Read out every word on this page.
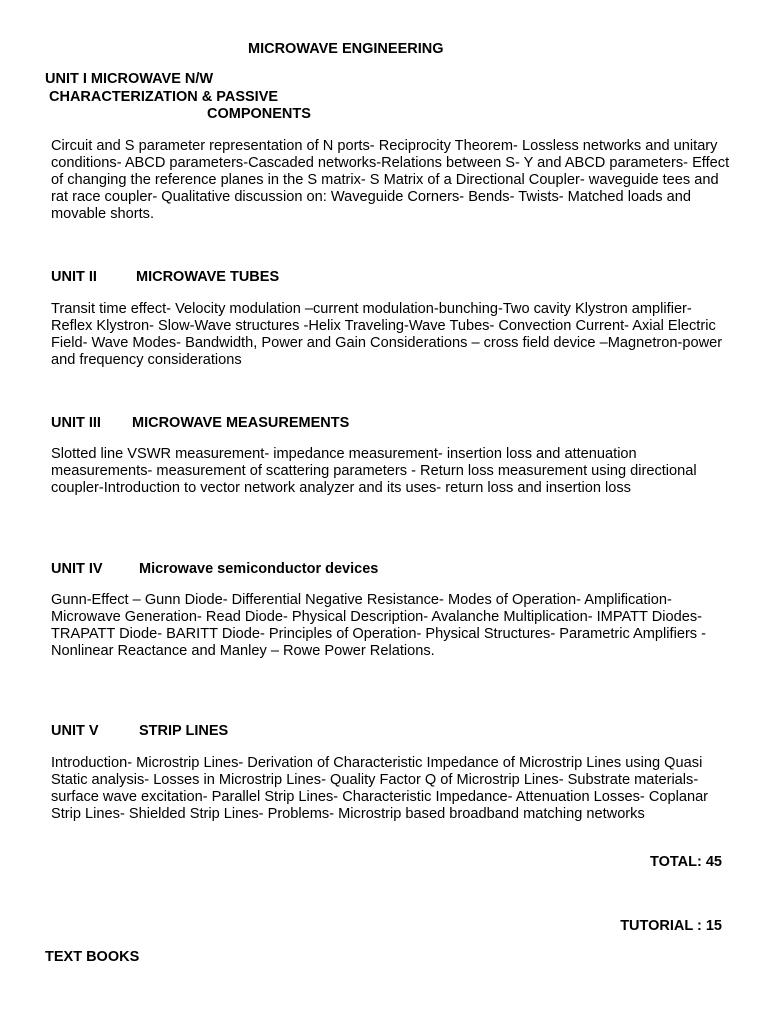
MICROWAVE ENGINEERING
UNIT I MICROWAVE N/W
CHARACTERIZATION & PASSIVE
COMPONENTS
Circuit and S parameter representation of N ports- Reciprocity Theorem- Lossless networks and unitary conditions- ABCD parameters-Cascaded networks-Relations between S- Y and ABCD parameters- Effect of changing the reference planes in the S matrix- S Matrix of a Directional Coupler- waveguide tees and rat race coupler- Qualitative discussion on: Waveguide Corners- Bends- Twists- Matched loads and movable shorts.
UNIT II	MICROWAVE TUBES
Transit time effect- Velocity modulation –current modulation-bunching-Two cavity Klystron amplifier- Reflex Klystron- Slow-Wave structures -Helix Traveling-Wave Tubes- Convection Current- Axial Electric Field- Wave Modes- Bandwidth, Power and Gain Considerations – cross field device –Magnetron-power and frequency considerations
UNIT III MICROWAVE MEASUREMENTS
Slotted line VSWR measurement- impedance measurement- insertion loss and attenuation measurements- measurement of scattering parameters - Return loss measurement using directional coupler-Introduction to vector network analyzer and its uses- return loss and insertion loss
UNIT IV	Microwave semiconductor devices
Gunn-Effect – Gunn Diode- Differential Negative Resistance- Modes of Operation- Amplification- Microwave Generation- Read Diode- Physical Description- Avalanche Multiplication- IMPATT Diodes- TRAPATT Diode- BARITT Diode- Principles of Operation- Physical Structures- Parametric Amplifiers -Nonlinear Reactance and Manley – Rowe Power Relations.
UNIT V	STRIP LINES
Introduction- Microstrip Lines- Derivation of Characteristic Impedance of Microstrip Lines using Quasi Static analysis- Losses in Microstrip Lines- Quality Factor Q of Microstrip Lines- Substrate materials-surface wave excitation- Parallel Strip Lines- Characteristic Impedance- Attenuation Losses- Coplanar Strip Lines- Shielded Strip Lines- Problems- Microstrip based broadband matching networks
TOTAL: 45
TUTORIAL : 15
TEXT BOOKS
